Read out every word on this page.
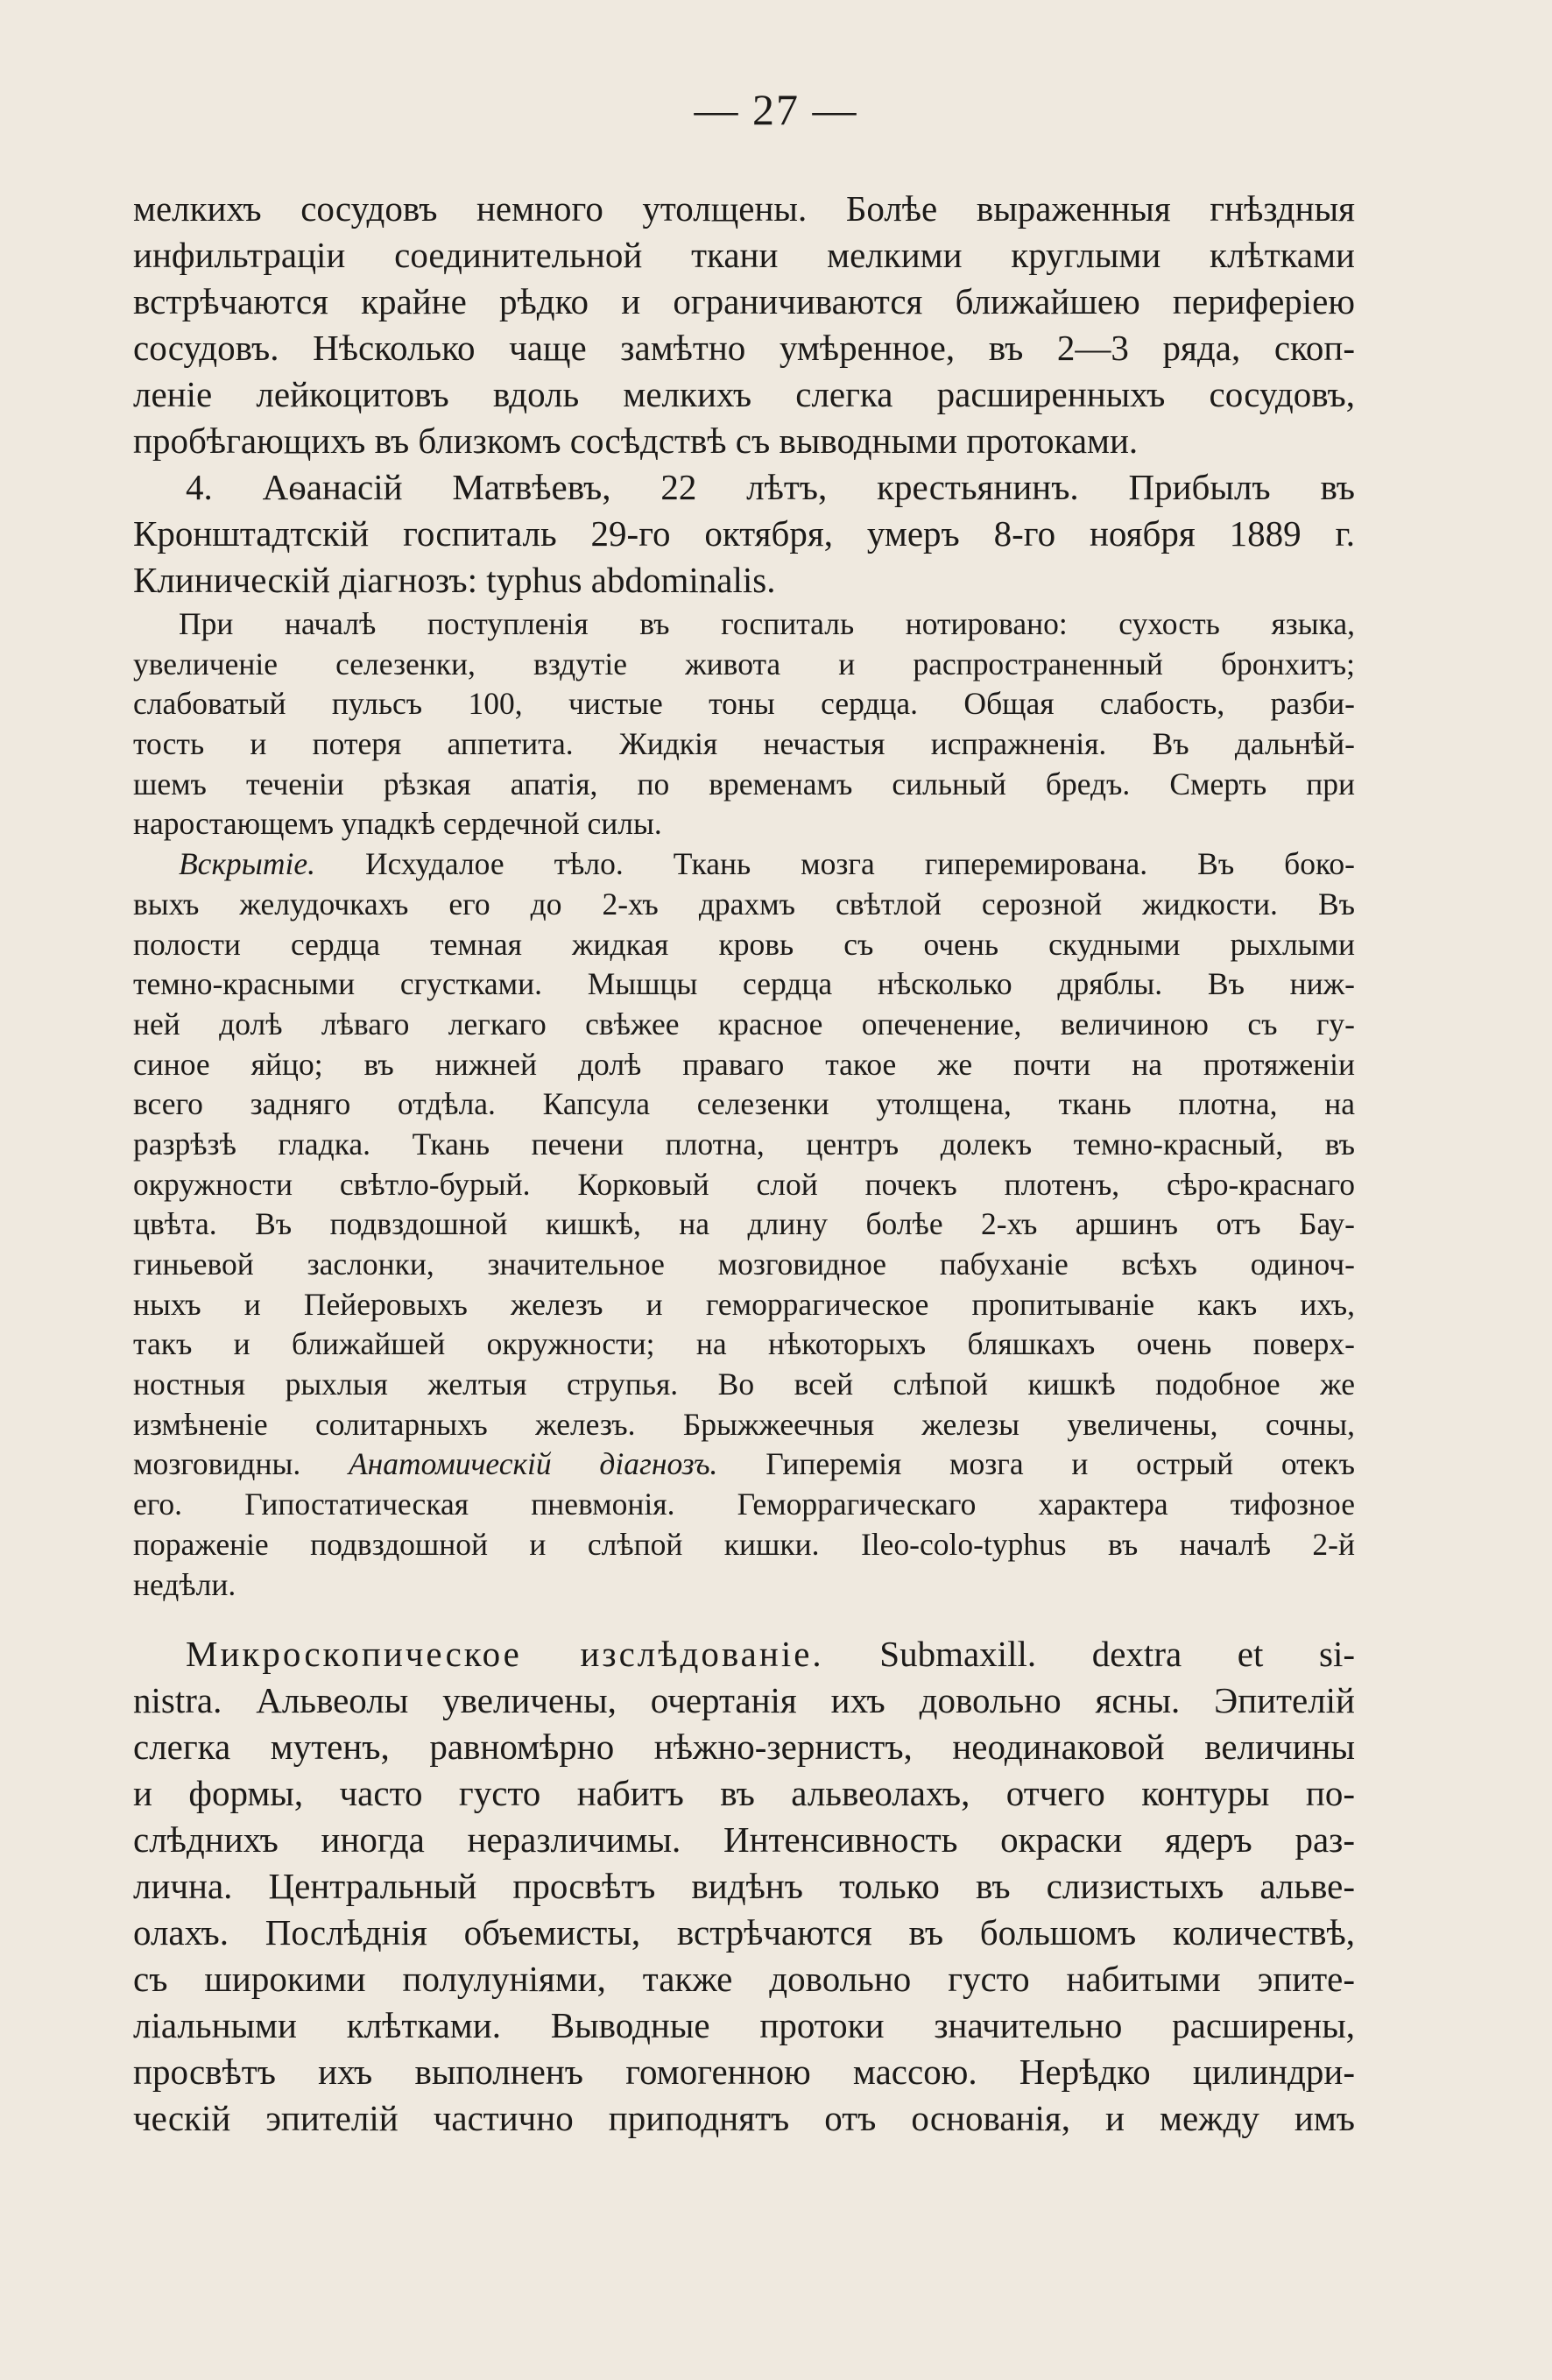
— 27 —
мелкихъ сосудовъ немного утолщены. Болѣе выраженныя гнѣздныя
инфильтраціи соединительной ткани мелкими круглыми клѣтками
встрѣчаются крайне рѣдко и ограничиваются ближайшею периферіею
сосудовъ. Нѣсколько чаще замѣтно умѣренное, въ 2—3 ряда, скоп-
леніе лейкоцитовъ вдоль мелкихъ слегка расширенныхъ сосудовъ,
пробѣгающихъ въ близкомъ сосѣдствѣ съ выводными протоками.
4. Аѳанасій Матвѣевъ, 22 лѣтъ, крестьянинъ. Прибылъ въ
Кронштадтскій госпиталь 29-го октября, умеръ 8-го ноября 1889 г.
Клиническій діагнозъ: typhus abdominalis.
При началѣ поступленія въ госпиталь нотировано: сухость языка,
увеличеніе селезенки, вздутіе живота и распространенный бронхитъ;
слабоватый пульсъ 100, чистые тоны сердца. Общая слабость, разби-
тость и потеря аппетита. Жидкія нечастыя испражненія. Въ дальнѣй-
шемъ теченіи рѣзкая апатія, по временамъ сильный бредъ. Смерть при
наростающемъ упадкѣ сердечной силы.
Вскрытіе. Исхудалое тѣло. Ткань мозга гиперемирована. Въ боко-
выхъ желудочкахъ его до 2-хъ драхмъ свѣтлой серозной жидкости. Въ
полости сердца темная жидкая кровь съ очень скудными рыхлыми
темно-красными сгустками. Мышцы сердца нѣсколько дряблы. Въ ниж-
ней долѣ лѣваго легкаго свѣжее красное опеченение, величиною съ гу-
синое яйцо; въ нижней долѣ праваго такое же почти на протяженіи
всего задняго отдѣла. Капсула селезенки утолщена, ткань плотна, на
разрѣзѣ гладка. Ткань печени плотна, центръ долекъ темно-красный, въ
окружности свѣтло-бурый. Корковый слой почекъ плотенъ, сѣро-краснаго
цвѣта. Въ подвздошной кишкѣ, на длину болѣе 2-хъ аршинъ отъ Бау-
гиньевой заслонки, значительное мозговидное пабуханіе всѣхъ одиноч-
ныхъ и Пейеровыхъ железъ и геморрагическое пропитываніе какъ ихъ,
такъ и ближайшей окружности; на нѣкоторыхъ бляшкахъ очень поверх-
ностныя рыхлыя желтыя струпья. Во всей слѣпой кишкѣ подобное же
измѣненіе солитарныхъ железъ. Брыжжеечныя железы увеличены, сочны,
мозговидны. Анатомическій діагнозъ. Гиперемія мозга и острый отекъ
его. Гипостатическая пневмонія. Геморрагическаго характера тифозное
пораженіе подвздошной и слѣпой кишки. Ileo-colo-typhus въ началѣ 2-й
недѣли.
Микроскопическое изслѣдованіе. Submaxill. dextra et si-
nistra. Альвеолы увеличены, очертанія ихъ довольно ясны. Эпителій
слегка мутенъ, равномѣрно нѣжно-зернистъ, неодинаковой величины
и формы, часто густо набитъ въ альвеолахъ, отчего контуры по-
слѣднихъ иногда неразличимы. Интенсивность окраски ядеръ раз-
лична. Центральный просвѣтъ видѣнъ только въ слизистыхъ альве-
олахъ. Послѣднія объемисты, встрѣчаются въ большомъ количествѣ,
съ широкими полулуніями, также довольно густо набитыми эпите-
ліальными клѣтками. Выводные протоки значительно расширены,
просвѣтъ ихъ выполненъ гомогенною массою. Нерѣдко цилиндри-
ческій эпителій частично приподнятъ отъ основанія, и между имъ
